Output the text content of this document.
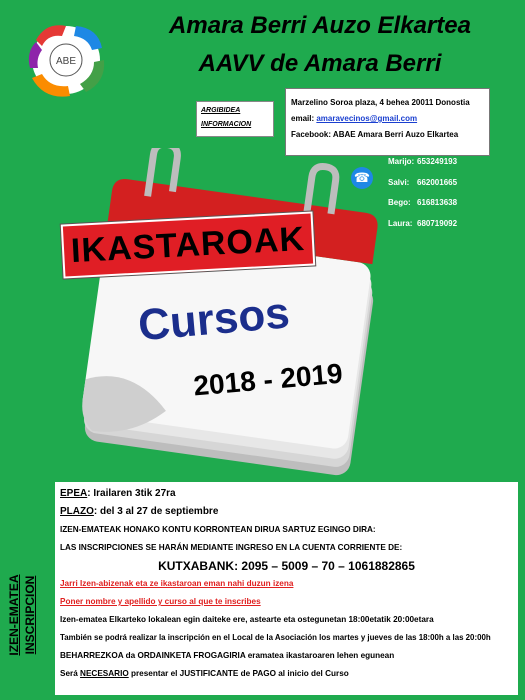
ABE
Amara Berri Auzo Elkartea
AAVV de Amara Berri
ARGIBIDEA
INFORMACION
Marzelino Soroa plaza, 4 behea 20011 Donostia
email: amaravecinos@gmail.com
Facebook: ABAE Amara Berri Auzo Elkartea
☎
Marijo: 653249193
Salvi: 662001665
Bego: 616813638
Laura: 680719092
Cursos
2018 - 2019
IKASTAROAK
IZEN-EMATEA INSCRIPCION
EPEA: Irailaren 3tik 27ra
PLAZO: del 3 al 27 de septiembre
IZEN-EMATEAK HONAKO KONTU KORRONTEAN DIRUA SARTUZ EGINGO DIRA:
LAS INSCRIPCIONES SE HARÁN MEDIANTE INGRESO EN LA CUENTA CORRIENTE DE:
KUTXABANK: 2095 – 5009 – 70 – 1061882865
Jarri Izen-abizenak eta ze ikastaroan eman nahi duzun izena
Poner nombre y apellido y curso al que te inscribes
Izen-ematea Elkarteko lokalean egin daiteke ere, astearte eta ostegunetan 18:00etatik 20:00etara
También se podrá realizar la inscripción en el Local de la Asociación los martes y jueves de las 18:00h a las 20:00h
BEHARREZKOA da ORDAINKETA FROGAGIRIA eramatea ikastaroaren lehen egunean
Será NECESARIO presentar el JUSTIFICANTE de PAGO al inicio del Curso
